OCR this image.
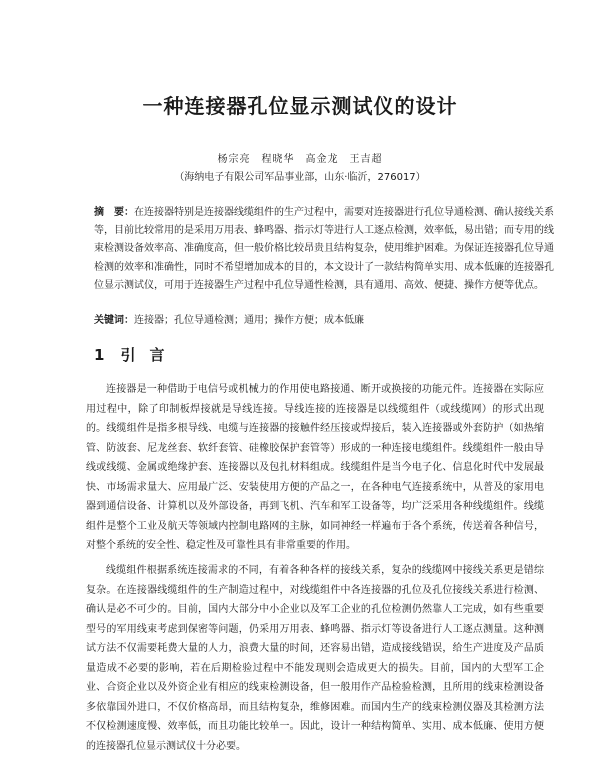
一种连接器孔位显示测试仪的设计
杨宗亮　程晓华　高金龙　王吉超
（海纳电子有限公司军品事业部，山东·临沂，276017）

摘　要：在连接器特别是连接器线缆组件的生产过程中，需要对连接器进行孔位导通检测、确认接线关系等，目前比较常用的是采用万用表、蜂鸣器、指示灯等进行人工逐点检测，效率低，易出错；而专用的线束检测设备效率高、准确度高，但一般价格比较昂贵且结构复杂，使用维护困难。为保证连接器孔位导通检测的效率和准确性，同时不希望增加成本的目的，本文设计了一款结构简单实用、成本低廉的连接器孔位显示测试仪，可用于连接器生产过程中孔位导通性检测，具有通用、高效、便捷、操作方便等优点。

关键词：连接器；孔位导通检测；通用；操作方便；成本低廉

1 引言

连接器是一种借助于电信号或机械力的作用使电路接通、断开或换接的功能元件。连接器在实际应用过程中，除了印制板焊接就是导线连接。导线连接的连接器是以线缆组件（或线缆网）的形式出现的。线缆组件是指多根导线、电缆与连接器的接触件经压接或焊接后，装入连接器或外套防护（如热缩管、防波套、尼龙丝套、软纤套管、硅橡胶保护套管等）形成的一种连接电缆组件。线缆组件一般由导线或线缆、金属或绝缘护套、连接器以及包扎材料组成。线缆组件是当今电子化、信息化时代中发展最快、市场需求量大、应用最广泛、安装使用方便的产品之一，在各种电气连接系统中，从普及的家用电器到通信设备、计算机以及外部设备，再到飞机、汽车和军工设备等，均广泛采用各种线缆组件。线缆组件是整个工业及航天等领域内控制电路网的主脉，如同神经一样遍布于各个系统，传送着各种信号，对整个系统的安全性、稳定性及可靠性具有非常重要的作用。

线缆组件根据系统连接需求的不同，有着各种各样的接线关系，复杂的线缆网中接线关系更是错综复杂。在连接器线缆组件的生产制造过程中，对线缆组件中各连接器的孔位及孔位接线关系进行检测、确认是必不可少的。目前，国内大部分中小企业以及军工企业的孔位检测仍然靠人工完成，如有些重要型号的军用线束考虑到保密等问题，仍采用万用表、蜂鸣器、指示灯等设备进行人工逐点测量。这种测试方法不仅需要耗费大量的人力，浪费大量的时间，还容易出错，造成接线错误，给生产进度及产品质量造成不必要的影响，若在后期检验过程中不能发现则会造成更大的损失。目前，国内的大型军工企业、合资企业以及外资企业有相应的线束检测设备，但一般用作产品检验检测，且所用的线束检测设备多依靠国外进口，不仅价格高昂，而且结构复杂，维修困难。而国内生产的线束检测仪器及其检测方法不仅检测速度慢、效率低，而且功能比较单一。因此，设计一种结构简单、实用、成本低廉、使用方便的连接器孔位显示测试仪十分必要。
